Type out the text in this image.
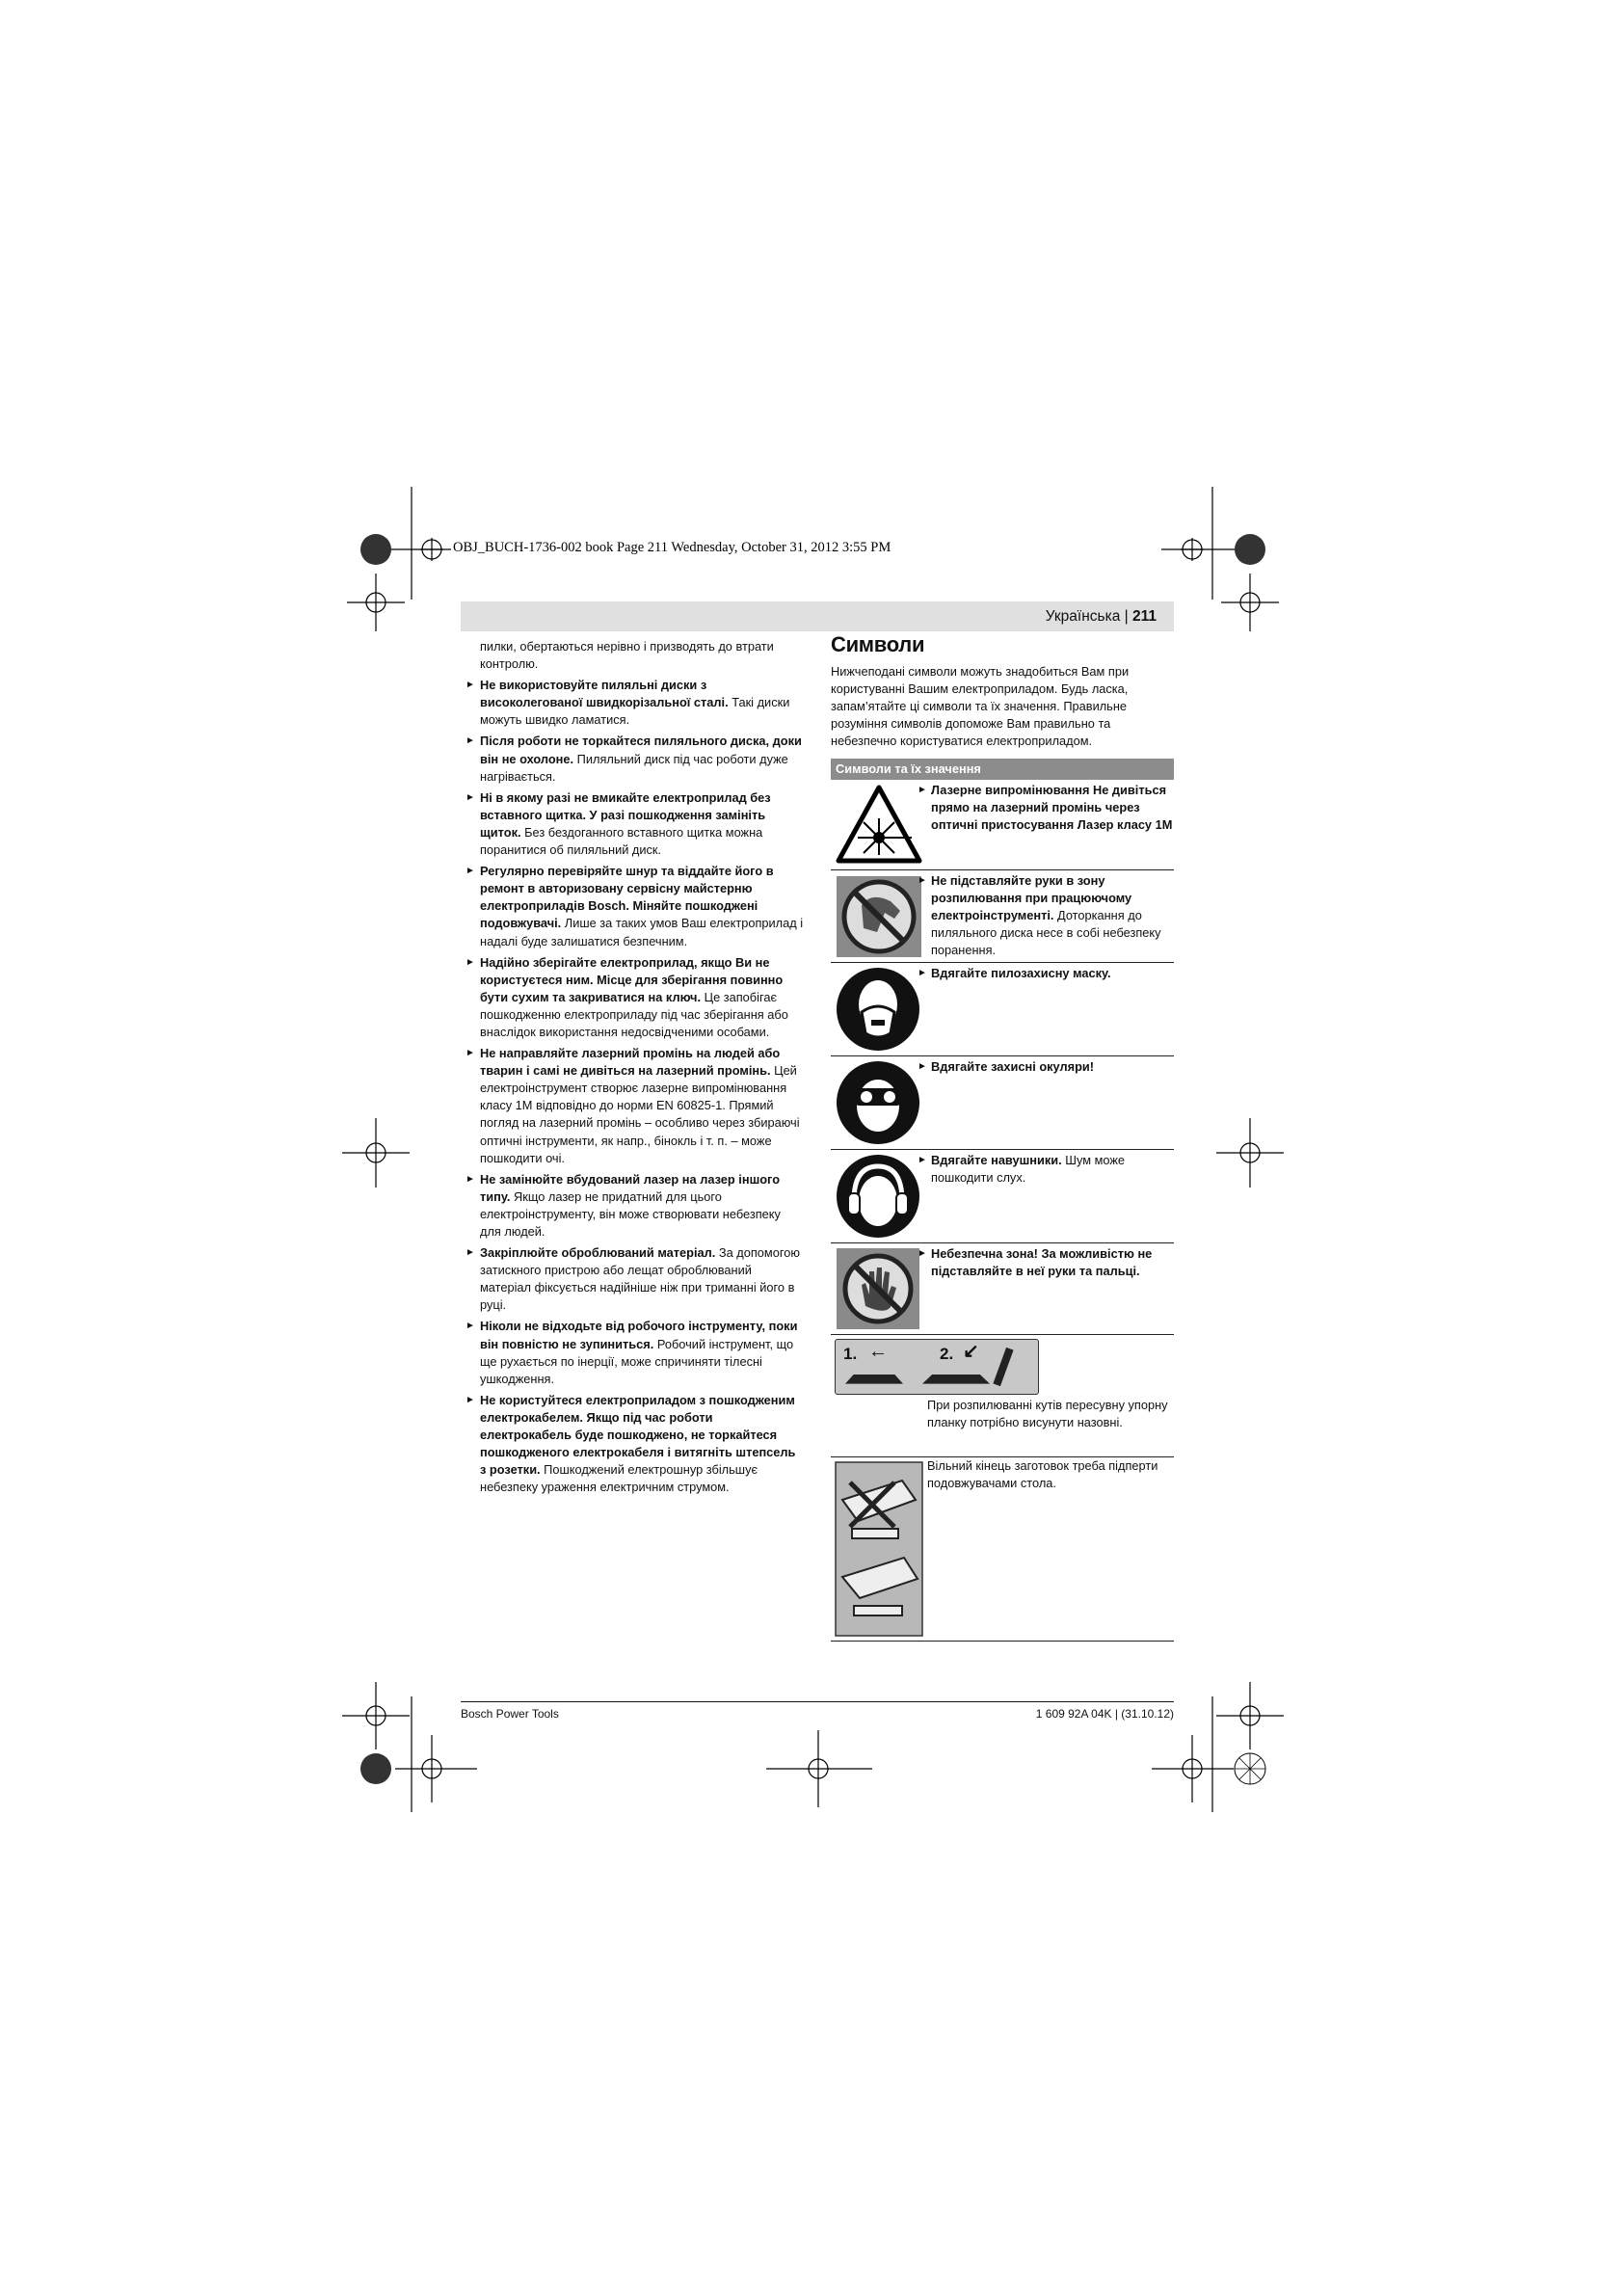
OBJ_BUCH-1736-002 book Page 211 Wednesday, October 31, 2012 3:55 PM
Українська | 211
пилки, обертаються нерівно і призводять до втрати контролю.
► Не використовуйте пиляльні диски з високолегованої швидкорізальної сталі. Такі диски можуть швидко ламатися.
► Після роботи не торкайтеся пиляльного диска, доки він не охолоне. Пиляльний диск під час роботи дуже нагрівається.
► Ні в якому разі не вмикайте електроприлад без вставного щитка. У разі пошкодження замініть щиток. Без бездоганного вставного щитка можна поранитися об пиляльний диск.
► Регулярно перевіряйте шнур та віддайте його в ремонт в авторизовану сервісну майстерню електроприладів Bosch. Міняйте пошкоджені подовжувачі. Лише за таких умов Ваш електроприлад і надалі буде залишатися безпечним.
► Надійно зберігайте електроприлад, якщо Ви не користуєтеся ним. Місце для зберігання повинно бути сухим та закриватися на ключ. Це запобігає пошкодженню електроприладу під час зберігання або внаслідок використання недосвідченими особами.
► Не направляйте лазерний промінь на людей або тварин і самі не дивіться на лазерний промінь. Цей електроінструмент створює лазерне випромінювання класу 1M відповідно до норми EN 60825-1. Прямий погляд на лазерний промінь – особливо через збираючі оптичні інструменти, як напр., бінокль і т. п. – може пошкодити очі.
► Не замінюйте вбудований лазер на лазер іншого типу. Якщо лазер не придатний для цього електроінструменту, він може створювати небезпеку для людей.
► Закріплюйте оброблюваний матеріал. За допомогою затискного пристрою або лещат оброблюваний матеріал фіксується надійніше ніж при триманні його в руці.
► Ніколи не відходьте від робочого інструменту, поки він повністю не зупиниться. Робочий інструмент, що ще рухається по інерції, може спричиняти тілесні ушкодження.
► Не користуйтеся електроприладом з пошкодженим електрокабелем. Якщо під час роботи електрокабель буде пошкоджено, не торкайтеся пошкодженого електрокабеля і витягніть штепсель з розетки. Пошкоджений електрошнур збільшує небезпеку ураження електричним струмом.
Символи

Нижчеподані символи можуть знадобиться Вам при користуванні Вашим електроприладом. Будь ласка, запам’ятайте ці символи та їх значення. Правильне розуміння символів допоможе Вам правильно та небезпечно користуватися електроприладом.

Символи та їх значення
► Лазерне випромінювання Не дивіться прямо на лазерний промінь через оптичні пристосування Лазер класу 1M
► Не підставляйте руки в зону розпилювання при працюючому електроінструменті. Доторкання до пиляльного диска несе в собі небезпеку поранення.
► Вдягайте пилозахисну маску.
► Вдягайте захисні окуляри!
► Вдягайте навушники. Шум може пошкодити слух.
► Небезпечна зона! За можливістю не підставляйте в неї руки та пальці.
1. ←	2. ↙
При розпилюванні кутів пересувну упорну планку потрібно висунути назовні.
Вільний кінець заготовок треба підперти подовжувачами стола.
Bosch Power Tools	1 609 92A 04K | (31.10.12)
